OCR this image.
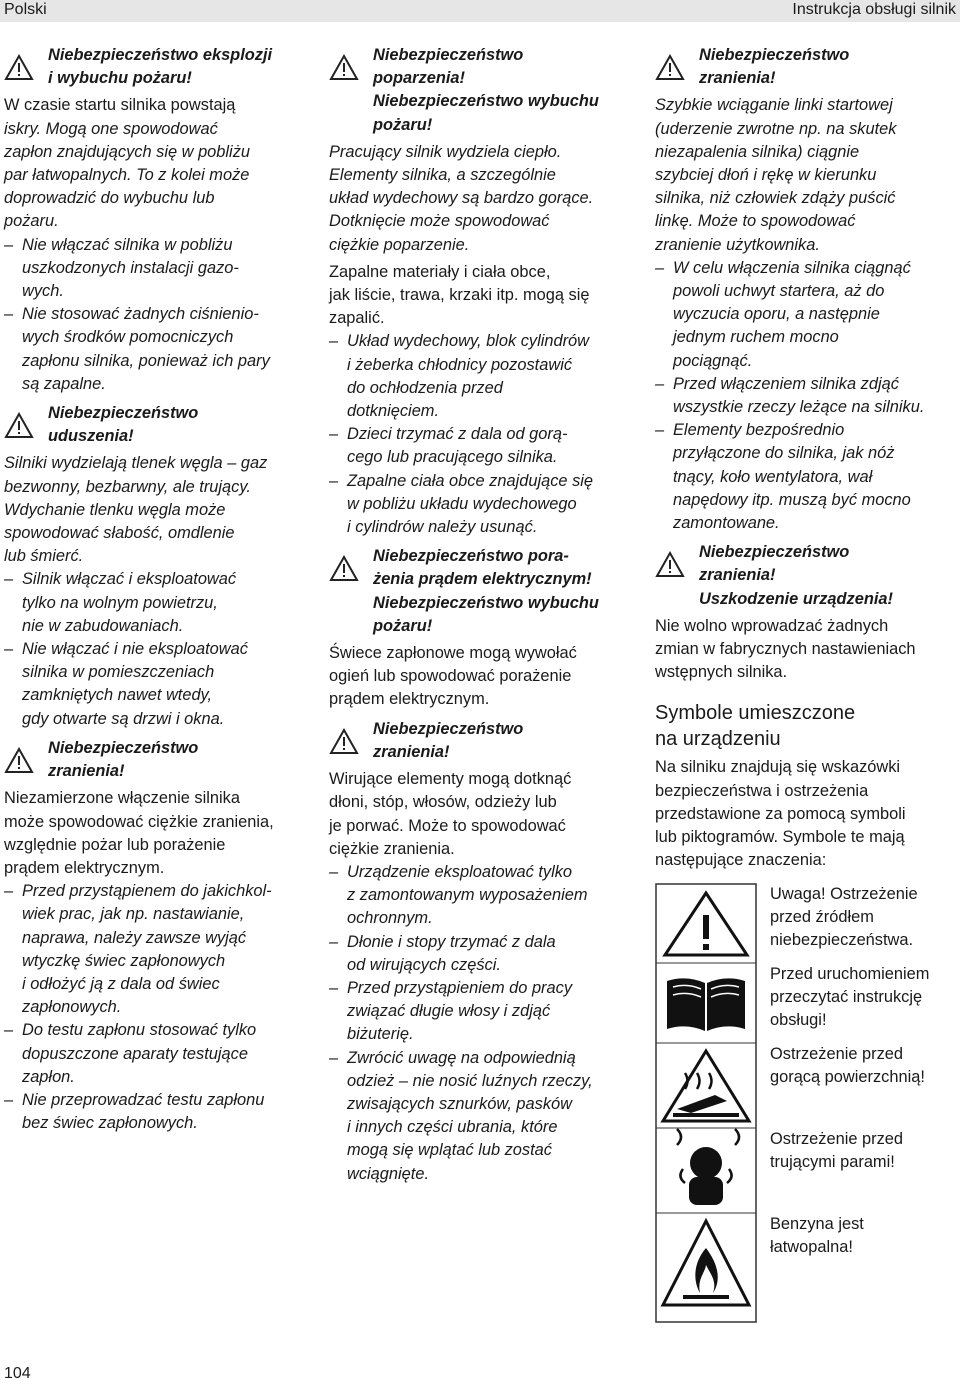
Polski	Instrukcja obsługi silnik

Niebezpieczeństwo eksplozji

i wybuchu pożaru!

W czasie startu silnika powstają

iskry. Mogą one spowodować

zapłon znajdujących się w pobliżu

par łatwopalnych. To z kolei może

doprowadzić do wybuchu lub

pożaru.

– Nie włączać silnika w pobliżu

uszkodzonych instalacji gazo-

wych.

– Nie stosować żadnych ciśnienio-

wych środków pomocniczych

zapłonu silnika, ponieważ ich pary

są zapalne.

Niebezpieczeństwo

uduszenia!

Silniki wydzielają tlenek węgla – gaz

bezwonny, bezbarwny, ale trujący.

Wdychanie tlenku węgla może

spowodować słabość, omdlenie

lub śmierć.

– Silnik włączać i eksploatować

tylko na wolnym powietrzu,

nie w zabudowaniach.

– Nie włączać i nie eksploatować

silnika w pomieszczeniach

zamkniętych nawet wtedy,

gdy otwarte są drzwi i okna.

Niebezpieczeństwo

zranienia!

Niezamierzone włączenie silnika

może spowodować ciężkie zranienia,

względnie pożar lub porażenie

prądem elektrycznym.

– Przed przystąpienem do jakichkol-

wiek prac, jak np. nastawianie,

naprawa, należy zawsze wyjąć

wtyczkę świec zapłonowych

i odłożyć ją z dala od świec

zapłonowych.

– Do testu zapłonu stosować tylko

dopuszczone aparaty testujące

zapłon.

– Nie przeprowadzać testu zapłonu

bez świec zapłonowych.

Niebezpieczeństwo

poparzenia!

Niebezpieczeństwo wybuchu

pożaru!

Pracujący silnik wydziela ciepło.

Elementy silnika, a szczególnie

układ wydechowy są bardzo gorące.

Dotknięcie może spowodować

ciężkie poparzenie.

Zapalne materiały i ciała obce,

jak liście, trawa, krzaki itp. mogą się

zapalić.

– Układ wydechowy, blok cylindrów

i żeberka chłodnicy pozostawić

do ochłodzenia przed

dotknięciem.

– Dzieci trzymać z dala od gorą-

cego lub pracującego silnika.

– Zapalne ciała obce znajdujące się

w pobliżu układu wydechowego

i cylindrów należy usunąć.

Niebezpieczeństwo pora-

żenia prądem elektrycznym!

Niebezpieczeństwo wybuchu

pożaru!

Świece zapłonowe mogą wywołać

ogień lub spowodować porażenie

prądem elektrycznym.

Niebezpieczeństwo

zranienia!

Wirujące elementy mogą dotknąć

dłoni, stóp, włosów, odzieży lub

je porwać. Może to spowodować

ciężkie zranienia.

– Urządzenie eksploatować tylko

z zamontowanym wyposażeniem

ochronnym.

– Dłonie i stopy trzymać z dala

od wirujących części.

– Przed przystąpieniem do pracy

związać długie włosy i zdjąć

biżuterię.

– Zwrócić uwagę na odpowiednią

odzież – nie nosić luźnych rzeczy,

zwisających sznurków, pasków

i innych części ubrania, które

mogą się wplątać lub zostać

wciągnięte.

Niebezpieczeństwo

zranienia!

Szybkie wciąganie linki startowej

(uderzenie zwrotne np. na skutek

niezapalenia silnika) ciągnie

szybciej dłoń i rękę w kierunku

silnika, niż człowiek zdąży puścić

linkę. Może to spowodować

zranienie użytkownika.

– W celu włączenia silnika ciągnąć

powoli uchwyt startera, aż do

wyczucia oporu, a następnie

jednym ruchem mocno

pociągnąć.

– Przed włączeniem silnika zdjąć

wszystkie rzeczy leżące na silniku.

– Elementy bezpośrednio

przyłączone do silnika, jak nóż

tnący, koło wentylatora, wał

napędowy itp. muszą być mocno

zamontowane.

Niebezpieczeństwo

zranienia!

Uszkodzenie urządzenia!

Nie wolno wprowadzać żadnych

zmian w fabrycznych nastawieniach

wstępnych silnika.

Symbole umieszczone
na urządzeniu

Na silniku znajdują się wskazówki

bezpieczeństwa i ostrzeżenia

przedstawione za pomocą symboli

lub piktogramów. Symbole te mają

następujące znaczenia:

Uwaga! Ostrzeżenie

przed źródłem

niebezpieczeństwa.

Przed uruchomieniem

przeczytać instrukcję

obsługi!

Ostrzeżenie przed

gorącą powierzchnią!

Ostrzeżenie przed

trującymi parami!

Benzyna jest

łatwopalna!

104
